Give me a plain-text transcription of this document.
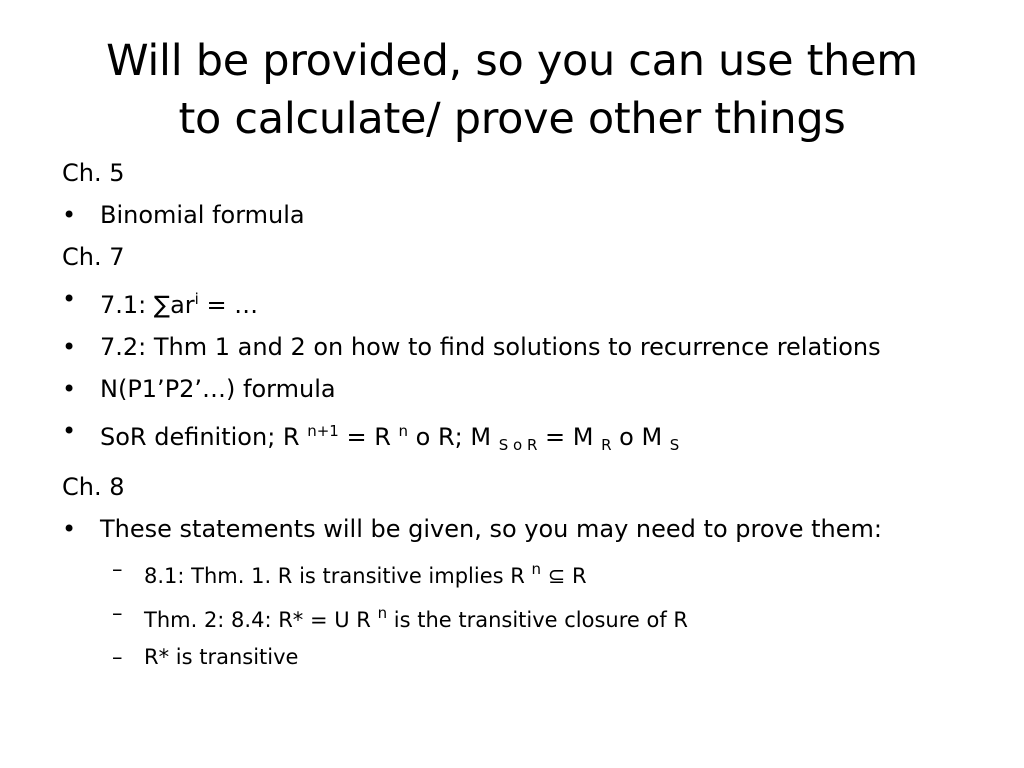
Will be provided, so you can use them
to calculate/ prove other things
Ch. 5
• Binomial formula
Ch. 7
• 7.1: $\sum ar^i$ = …
• 7.2: Thm 1 and 2 on how to find solutions to recurrence relations
• N(P1’P2’…) formula
• SoR definition; R $^{n+1}$ = R $^n$ o R; M $_{S o R}$ = M $_R$ o M $_S$
Ch. 8
• These statements will be given, so you may need to prove them:
– 8.1: Thm. 1. R is transitive implies R $^n$ ⊆ R
– Thm. 2: 8.4: R* = U R $^n$ is the transitive closure of R
– R* is transitive
